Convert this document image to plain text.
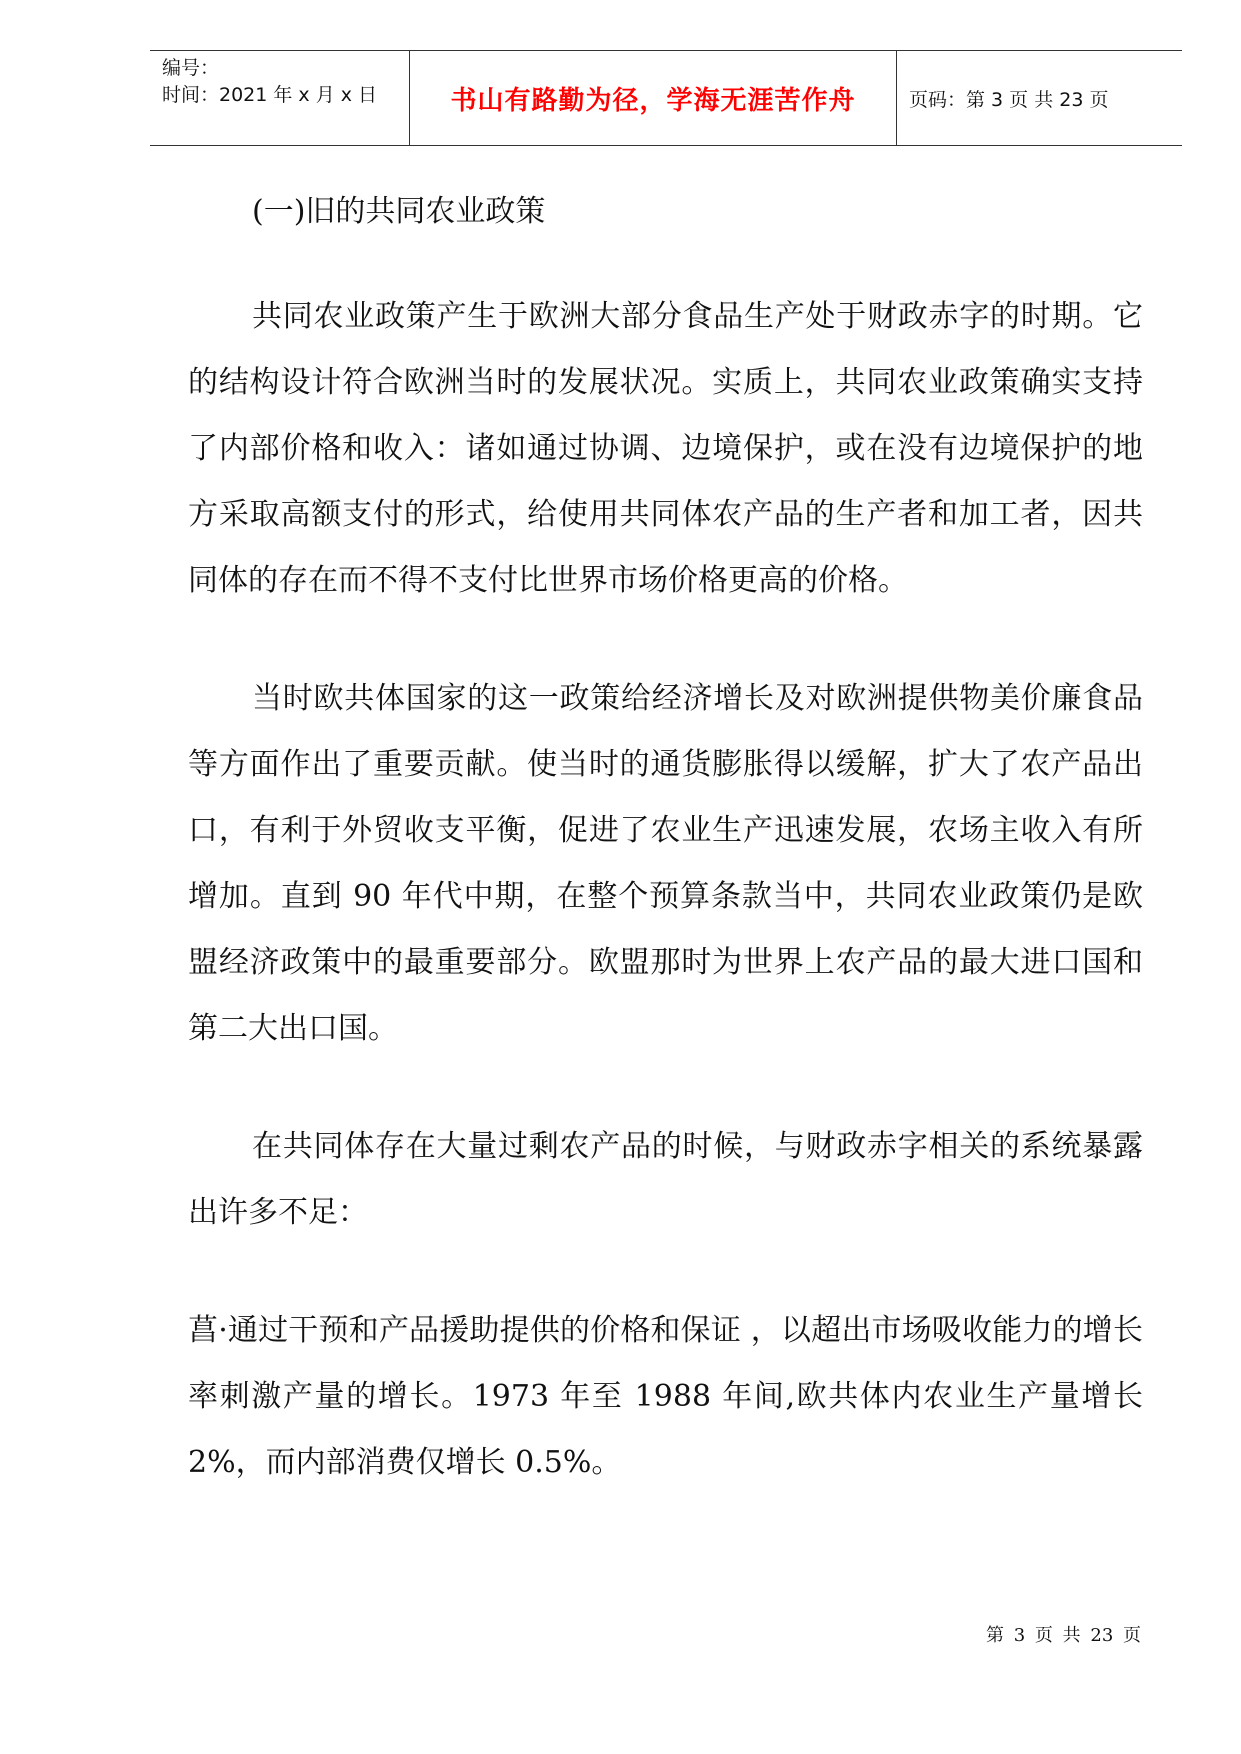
编号：
时间：2021 年 x 月 x 日	书山有路勤为径，学海无涯苦作舟	页码：第 3 页 共 23 页
(一)旧的共同农业政策

共同农业政策产生于欧洲大部分食品生产处于财政赤字的时期。它的结构设计符合欧洲当时的发展状况。实质上，共同农业政策确实支持了内部价格和收入：诸如通过协调、边境保护，或在没有边境保护的地方采取高额支付的形式，给使用共同体农产品的生产者和加工者，因共同体的存在而不得不支付比世界市场价格更高的价格。

当时欧共体国家的这一政策给经济增长及对欧洲提供物美价廉食品等方面作出了重要贡献。使当时的通货膨胀得以缓解，扩大了农产品出口，有利于外贸收支平衡，促进了农业生产迅速发展，农场主收入有所增加。直到 90 年代中期，在整个预算条款当中，共同农业政策仍是欧盟经济政策中的最重要部分。欧盟那时为世界上农产品的最大进口国和第二大出口国。

在共同体存在大量过剩农产品的时候，与财政赤字相关的系统暴露出许多不足：

菖·通过干预和产品援助提供的价格和保证 ，以超出市场吸收能力的增长率刺激产量的增长。1973 年至 1988 年间,欧共体内农业生产量增长 2%，而内部消费仅增长 0.5%。

第 3 页 共 23 页
